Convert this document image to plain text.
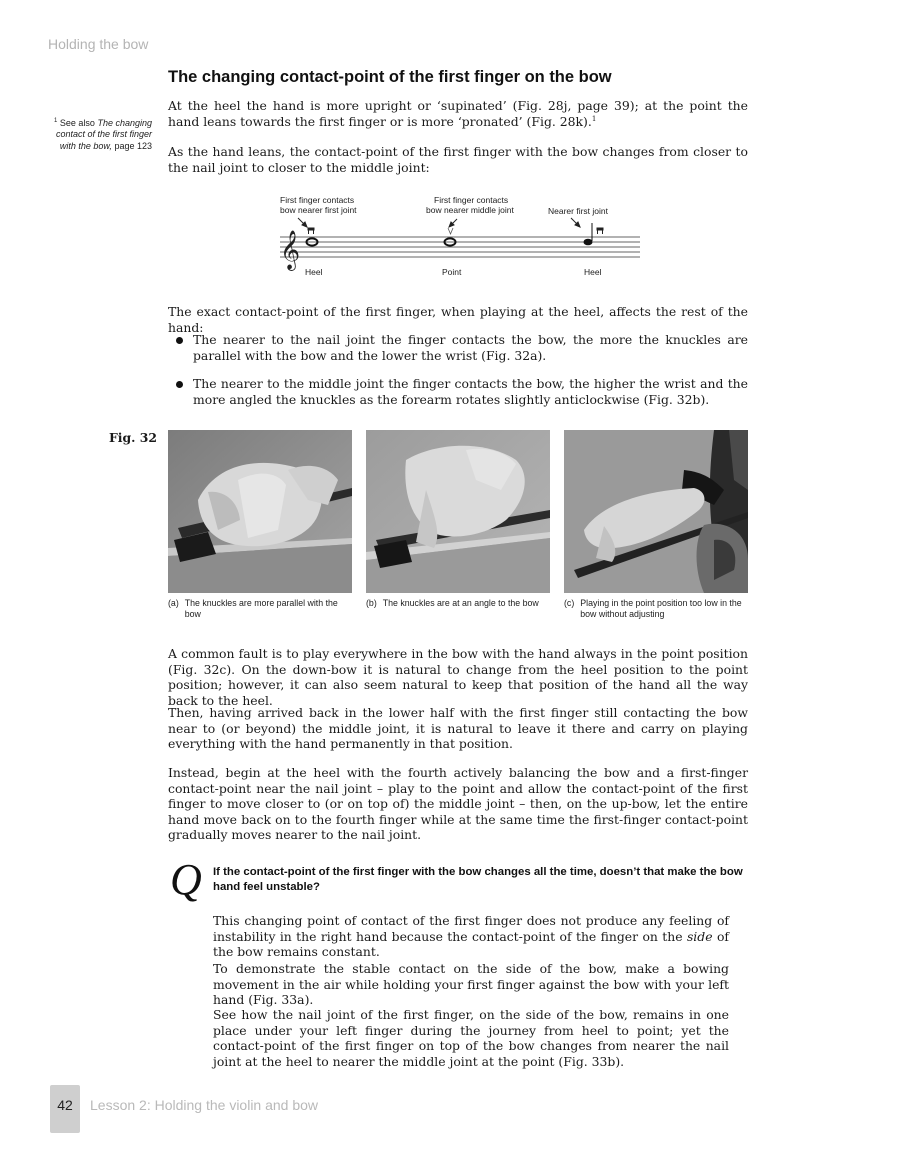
Holding the bow
The changing contact-point of the first finger on the bow
$^1$ See also The changing contact of the first finger with the bow, page 123

At the heel the hand is more upright or ‘supinated’ (Fig. 28j, page 39); at the point the hand leans towards the first finger or is more ‘pronated’ (Fig. 28k).$^1$

As the hand leans, the contact-point of the first finger with the bow changes from closer to the nail joint to closer to the middle joint:

First finger contacts
bow nearer first joint
First finger contacts
bow nearer middle joint	Nearer first joint
𝄞
Heel	Point	Heel

The exact contact-point of the first finger, when playing at the heel, affects the rest of the hand:

The nearer to the nail joint the finger contacts the bow, the more the knuckles are parallel with the bow and the lower the wrist (Fig. 32a).
The nearer to the middle joint the finger contacts the bow, the higher the wrist and the more angled the knuckles as the forearm rotates slightly anticlockwise (Fig. 32b).
Fig. 32
(a) The knuckles are more parallel with the bow
(b) The knuckles are at an angle to the bow	(c) Playing in the point position too low in the bow without adjusting

A common fault is to play everywhere in the bow with the hand always in the point position (Fig. 32c). On the down-bow it is natural to change from the heel position to the point position; however, it can also seem natural to keep that position of the hand all the way back to the heel.

Then, having arrived back in the lower half with the first finger still contacting the bow near to (or beyond) the middle joint, it is natural to leave it there and carry on playing everything with the hand permanently in that position.

Instead, begin at the heel with the fourth actively balancing the bow and a first-finger contact-point near the nail joint – play to the point and allow the contact-point of the first finger to move closer to (or on top of) the middle joint – then, on the up-bow, let the entire hand move back on to the fourth finger while at the same time the first-finger contact-point gradually moves nearer to the nail joint.

Q If the contact-point of the first finger with the bow changes all the time, doesn’t that make the bow hand feel unstable?

This changing point of contact of the first finger does not produce any feeling of instability in the right hand because the contact-point of the finger on the side of the bow remains constant.

To demonstrate the stable contact on the side of the bow, make a bowing movement in the air while holding your first finger against the bow with your left hand (Fig. 33a).

See how the nail joint of the first finger, on the side of the bow, remains in one place under your left finger during the journey from heel to point; yet the contact-point of the first finger on top of the bow changes from nearer the nail joint at the heel to nearer the middle joint at the point (Fig. 33b).

42	Lesson 2: Holding the violin and bow
